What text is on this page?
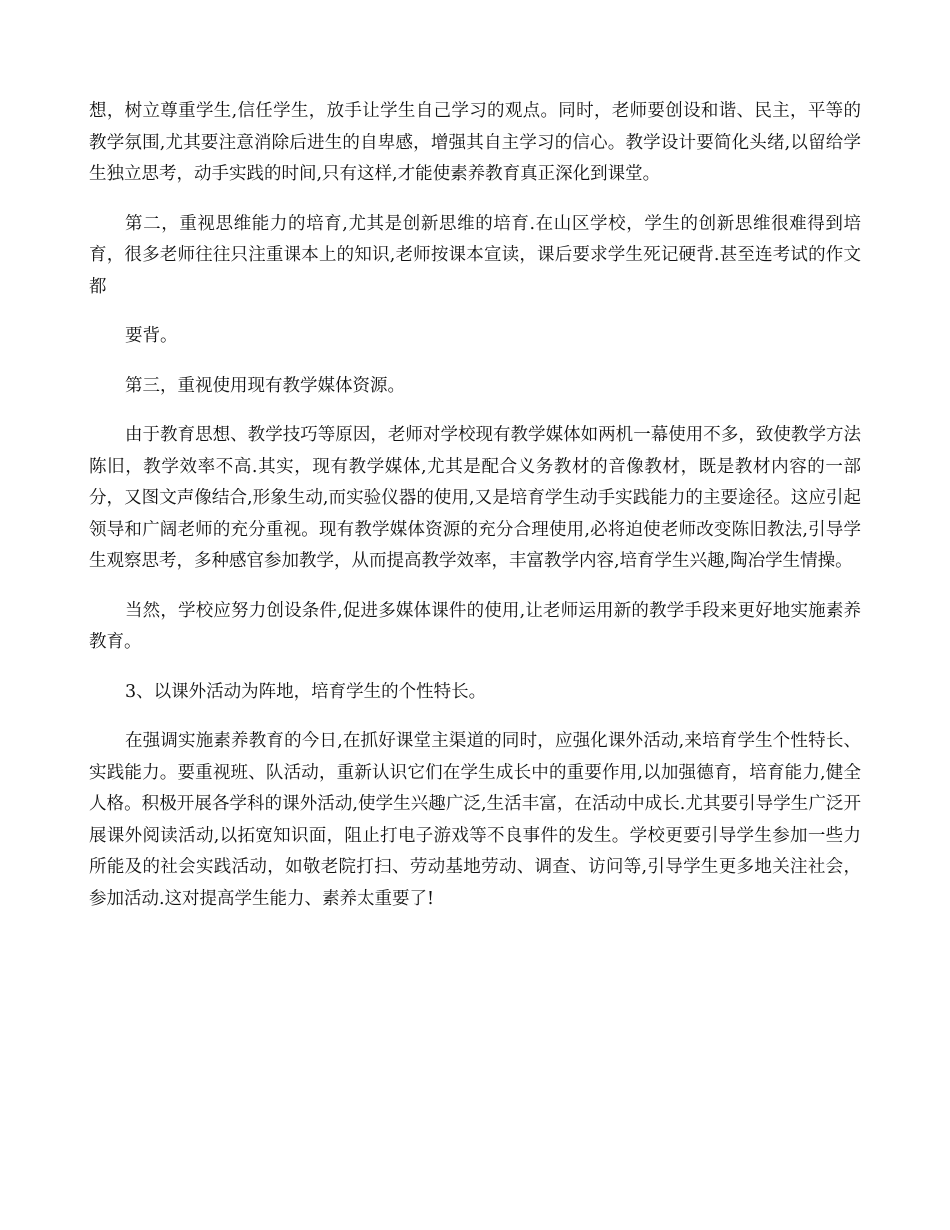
想，树立尊重学生,信任学生，放手让学生自己学习的观点。同时，老师要创设和谐、民主，平等的教学氛围,尤其要注意消除后进生的自卑感，增强其自主学习的信心。教学设计要简化头绪,以留给学生独立思考，动手实践的时间,只有这样,才能使素养教育真正深化到课堂。

第二，重视思维能力的培育,尤其是创新思维的培育.在山区学校，学生的创新思维很难得到培育，很多老师往往只注重课本上的知识,老师按课本宣读，课后要求学生死记硬背.甚至连考试的作文都

要背。

第三，重视使用现有教学媒体资源。

由于教育思想、教学技巧等原因，老师对学校现有教学媒体如两机一幕使用不多，致使教学方法陈旧，教学效率不高.其实，现有教学媒体,尤其是配合义务教材的音像教材，既是教材内容的一部分，又图文声像结合,形象生动,而实验仪器的使用,又是培育学生动手实践能力的主要途径。这应引起领导和广阔老师的充分重视。现有教学媒体资源的充分合理使用,必将迫使老师改变陈旧教法,引导学生观察思考，多种感官参加教学，从而提高教学效率，丰富教学内容,培育学生兴趣,陶冶学生情操。

当然，学校应努力创设条件,促进多媒体课件的使用,让老师运用新的教学手段来更好地实施素养教育。

3、以课外活动为阵地，培育学生的个性特长。

在强调实施素养教育的今日,在抓好课堂主渠道的同时，应强化课外活动,来培育学生个性特长、实践能力。要重视班、队活动，重新认识它们在学生成长中的重要作用,以加强德育，培育能力,健全人格。积极开展各学科的课外活动,使学生兴趣广泛,生活丰富，在活动中成长.尤其要引导学生广泛开展课外阅读活动,以拓宽知识面，阻止打电子游戏等不良事件的发生。学校更要引导学生参加一些力所能及的社会实践活动，如敬老院打扫、劳动基地劳动、调查、访问等,引导学生更多地关注社会，参加活动.这对提高学生能力、素养太重要了!
